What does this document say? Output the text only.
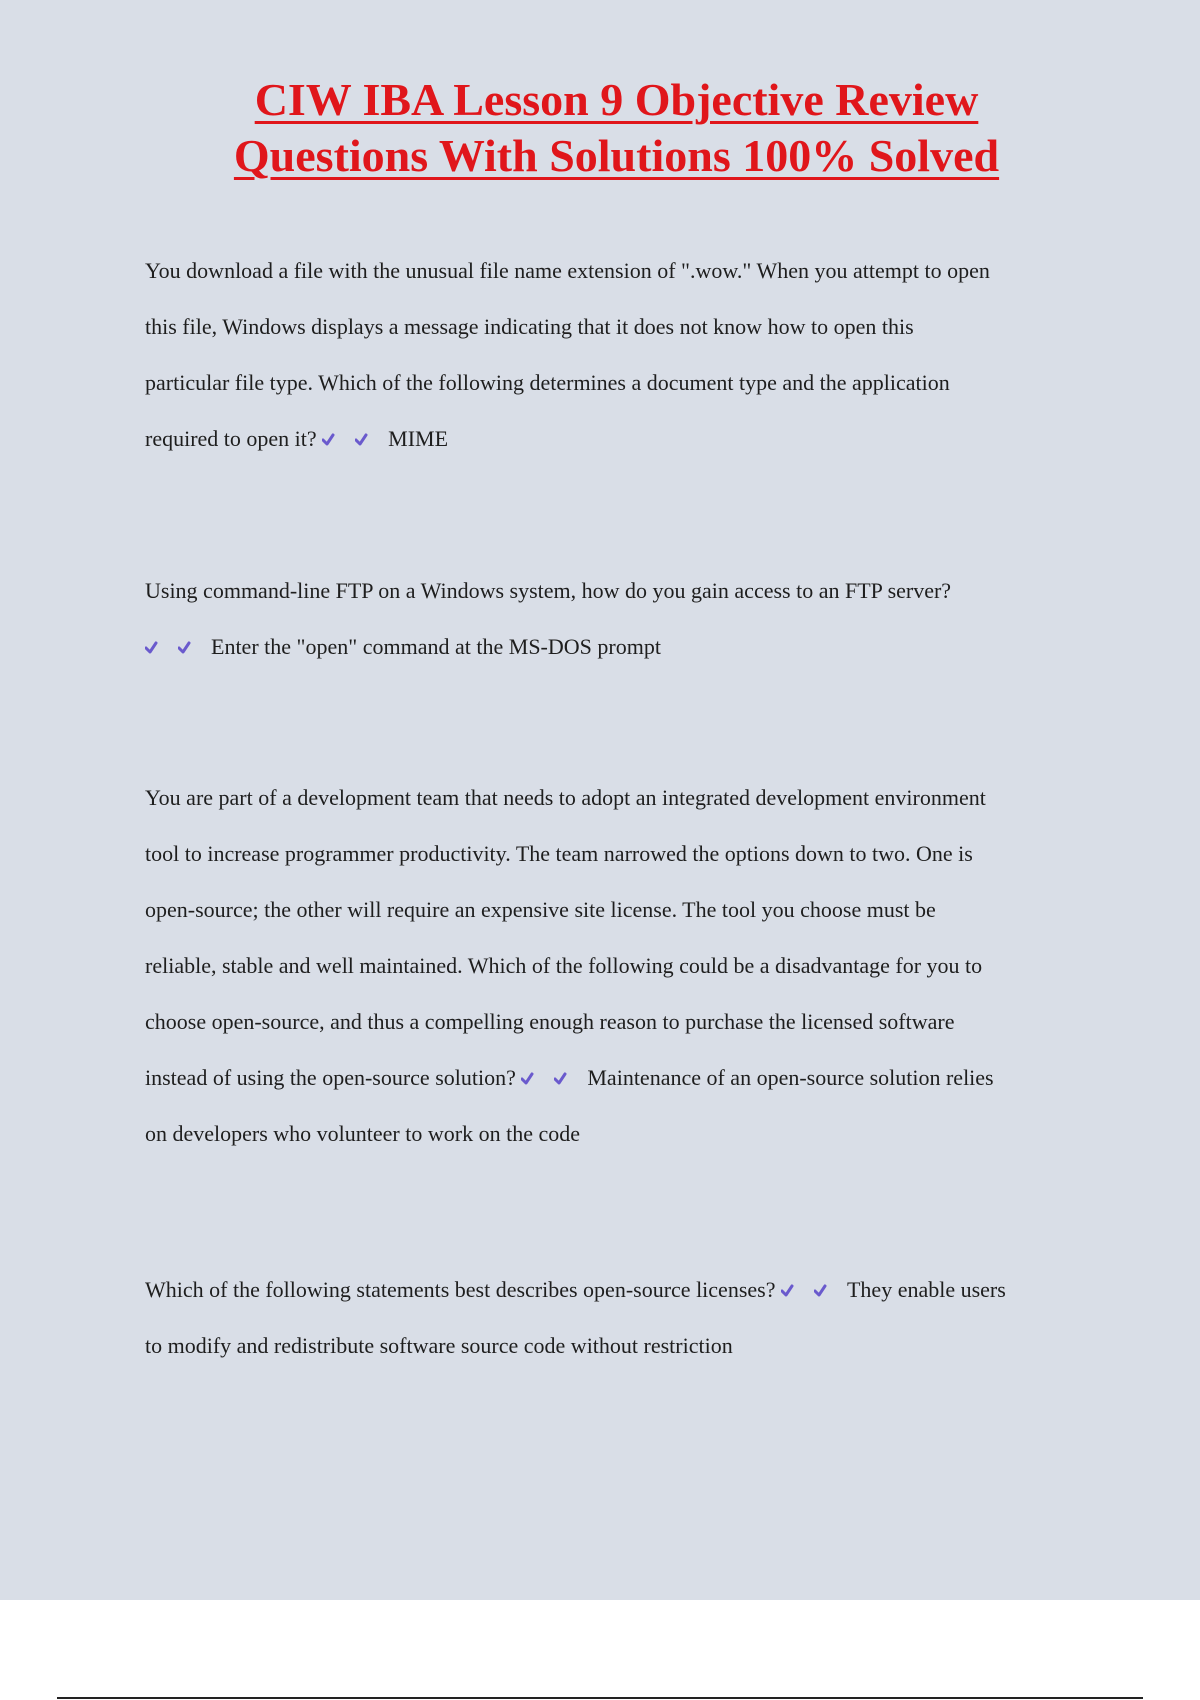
CIW IBA Lesson 9 Objective Review
Questions With Solutions 100% Solved
You download a file with the unusual file name extension of ".wow." When you attempt to open
this file, Windows displays a message indicating that it does not know how to open this
particular file type. Which of the following determines a document type and the application
required to open it?	MIME
Using command-line FTP on a Windows system, how do you gain access to an FTP server?
Enter the "open" command at the MS-DOS prompt
You are part of a development team that needs to adopt an integrated development environment
tool to increase programmer productivity. The team narrowed the options down to two. One is
open-source; the other will require an expensive site license. The tool you choose must be
reliable, stable and well maintained. Which of the following could be a disadvantage for you to
choose open-source, and thus a compelling enough reason to purchase the licensed software
instead of using the open-source solution?	Maintenance of an open-source solution relies
on developers who volunteer to work on the code
Which of the following statements best describes open-source licenses?	They enable users
to modify and redistribute software source code without restriction
